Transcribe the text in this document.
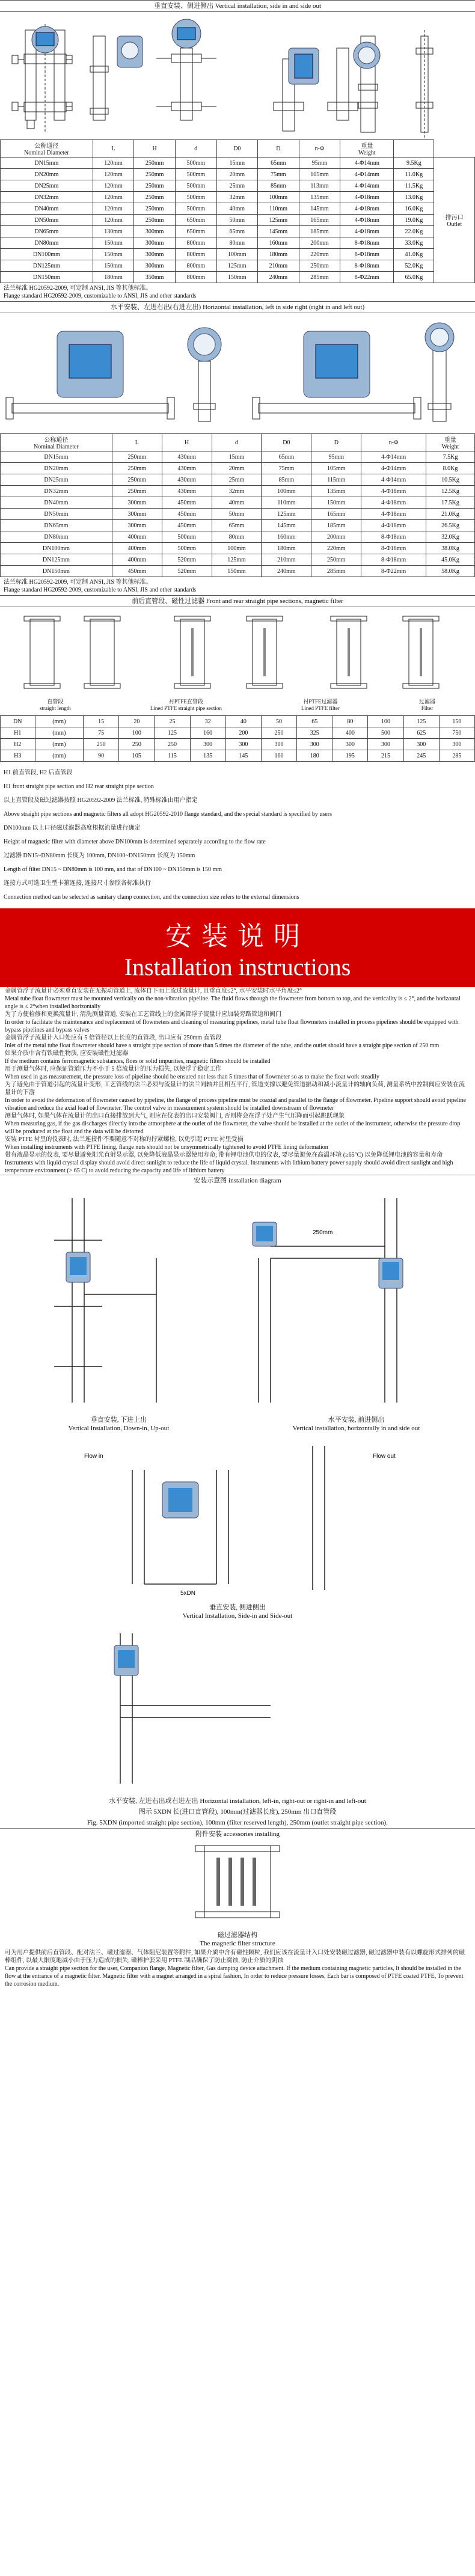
垂直安装、侧进侧出 Vertical installation, side in and side out
公称通径
Nominal Diameter	L	H	d	D0	D	n-Φ	重量
Weight		
DN15mm	120mm	250mm	500mm	15mm	65mm	95mm	4-Φ14mm	9.5Kg	排污口
Outlet
DN20mm	120mm	250mm	500mm	20mm	75mm	105mm	4-Φ14mm	11.0Kg	
DN25mm	120mm	250mm	500mm	25mm	85mm	113mm	4-Φ14mm	11.5Kg	
DN32mm	120mm	250mm	500mm	32mm	100mm	135mm	4-Φ18mm	13.0Kg	
DN40mm	120mm	250mm	500mm	40mm	110mm	145mm	4-Φ18mm	16.0Kg	
DN50mm	120mm	250mm	650mm	50mm	125mm	165mm	4-Φ18mm	19.0Kg	
DN65mm	130mm	300mm	650mm	65mm	145mm	185mm	4-Φ18mm	22.0Kg	
DN80mm	150mm	300mm	800mm	80mm	160mm	200mm	8-Φ18mm	33.0Kg	
DN100mm	150mm	300mm	800mm	100mm	180mm	220mm	8-Φ18mm	41.0Kg	
DN125mm	150mm	300mm	800mm	125mm	210mm	250mm	8-Φ18mm	52.0Kg	
DN150mm	180mm	350mm	800mm	150mm	240mm	285mm	8-Φ22mm	65.0Kg	
法兰标准 HG20592-2009, 可定制 ANSI, JIS 等其他标准。
Flange standard HG20592-2009, customizable to ANSI, JIS and other standards
水平安装、左进右出(右进左出) Horizontal installation, left in side right (right in and left out)
公称通径
Nominal Diameter	L	H	d	D0	D	n-Φ	重量
Weight
DN15mm	250mm	430mm	15mm	65mm	95mm	4-Φ14mm	7.5Kg
DN20mm	250mm	430mm	20mm	75mm	105mm	4-Φ14mm	8.0Kg
DN25mm	250mm	430mm	25mm	85mm	115mm	4-Φ14mm	10.5Kg
DN32mm	250mm	430mm	32mm	100mm	135mm	4-Φ18mm	12.5Kg
DN40mm	300mm	450mm	40mm	110mm	150mm	4-Φ18mm	17.5Kg
DN50mm	300mm	450mm	50mm	125mm	165mm	4-Φ18mm	21.0Kg
DN65mm	300mm	450mm	65mm	145mm	185mm	4-Φ18mm	26.5Kg
DN80mm	400mm	500mm	80mm	160mm	200mm	8-Φ18mm	32.0Kg
DN100mm	400mm	500mm	100mm	180mm	220mm	8-Φ18mm	38.0Kg
DN125mm	400mm	520mm	125mm	210mm	250mm	8-Φ18mm	45.0Kg
DN150mm	450mm	520mm	150mm	240mm	285mm	8-Φ22mm	58.0Kg
法兰标准 HG20592-2009, 可定制 ANSI, JIS 等其他标准。
Flange standard HG20592-2009, customizable to ANSI, JIS and other standards
前后直管段、磁性过滤器 Front and rear straight pipe sections, magnetic filter
直管段
straight length
衬PTFE直管段
Lined PTFE straight pipe section
衬PTFE过滤器
Lined PTFE filter
过滤器
Filter
DN	(mm)	15	20	25	32	40	50	65	80	100	125	150
H1	(mm)	75	100	125	160	200	250	325	400	500	625	750
H2	(mm)	250	250	250	300	300	300	300	300	300	300	300
H3	(mm)	90	105	115	135	145	160	180	195	215	245	285

H1 前直管段, H2 后直管段

H1 front straight pipe section and H2 rear straight pipe section

以上直管段及磁过滤器按照 HG20592-2009 法兰标准, 特殊标准由用户指定

Above straight pipe sections and magnetic filters all adopt HG20592-2010 flange standard, and the special standard is specified by users

DN100mm 以上口径磁过滤器高度根据流量进行确定

Height of magnetic filter with diameter above DN100mm is determined separately according to the flow rate

过滤器 DN15~DN80mm 长度为 100mm, DN100~DN150mm 长度为 150mm

Length of filter DN15 ~ DN80mm is 100 mm, and that of DN100 ~ DN150mm is 150 mm

连接方式可选卫生型卡箍连接, 连接尺寸参照各标准执行

Connection method can be selected as sanitary clamp connection, and the connection size refers to the external dimensions

安装说明
Installation instructions

金属管浮子流量计必须垂直安装在无振动管道上, 流体自下而上流过流量计, 且垂直度≤2°, 水平安装时水平角度≤2°

Metal tube float flowmeter must be mounted vertically on the non-vibration pipeline. The fluid flows through the flowmeter from bottom to top, and the verticality is ≤ 2°, and the horizontal angle is ≤ 2°when installed horizontally

为了方便检修和更换流量计, 清洗测量管道, 安装在工艺管线上的金属管浮子流量计应加装旁路管道和阀门

In order to facilitate the maintenance and replacement of flowmeters and cleaning of measuring pipelines, metal tube float flowmeters installed in process pipelines should be equipped with bypass pipelines and bypass valves

金属管浮子流量计入口处应有 5 倍管径以上长度的直管段, 出口应有 250mm 直管段

Inlet of the metal tube float flowmeter should have a straight pipe section of more than 5 times the diameter of the tube, and the outlet should have a straight pipe section of 250 mm

如果介质中含有铁磁性物质, 应安装磁性过滤器

If the medium contains ferromagnetic substances, floes or solid impurities, magnetic filters should be installed

用于测量气体时, 应保证管道压力不小于 5 倍流量计的压力损失, 以使浮子稳定工作

When used in gas measurement, the pressure loss of pipeline should be ensured not less than 5 times that of flowmeter so as to make the float work steadily

为了避免由于管道引起的流量计变形, 工艺管线的法兰必须与流量计的法兰同轴并且相互平行, 管道支撑以避免管道振动和减小流量计的轴向负荷, 测量系统中控制阀应安装在流量计的下游

In order to avoid the deformation of flowmeter caused by pipeline, the flange of process pipeline must be coaxial and parallel to the flange of flowmeter. Pipeline support should avoid pipeline vibration and reduce the axial load of flowmeter. The control valve in measurement system should be installed downstream of flowmeter

测量气体时, 如果气体在流量计的出口直接排放到大气, 则应在仪表的出口安装阀门, 否则将会在浮子处产生气压降而引起跳跃现象

When measuring gas, if the gas discharges directly into the atmosphere at the outlet of the flowmeter, the valve should be installed at the outlet of the instrument, otherwise the pressure drop will be produced at the float and the data will be distorted

安装 PTFE 衬里的仪表时, 法兰连接件不要随意不对称的拧紧螺栓, 以免引起 PTFE 衬里受损

When installing instruments with PTFE lining, flange nuts should not be unsymmetrically tightened to avoid PTFE lining deformation

带有液晶显示的仪表, 要尽量避免阳光直射显示器, 以免降低液晶显示器使用寿命; 带有锂电池供电的仪表, 要尽量避免在高温环境 (≥65°C) 以免降低锂电池的容量和寿命

Instruments with liquid crystal display should avoid direct sunlight to reduce the life of liquid crystal. Instruments with lithium battery power supply should avoid direct sunlight and high temperature environment (> 65 C) to avoid reducing the capacity and life of lithium battery

安装示意图 installation diagram
250mm
垂直安装, 下进上出
Vertical Installation, Down-in, Up-out
水平安装, 前进侧出
Vertical installation, horizontally in and side out
Flow in	Flow out
5xDN
垂直安装, 侧进侧出
Vertical Installation, Side-in and Side-out
水平安装, 左进右出或右进左出 Horizontal installation, left-in, right-out or right-in and left-out
图示 5XDN 长(进口直管段), 100mm(过滤器长度), 250mm 出口直管段
Fig. 5XDN (imported straight pipe section), 100mm (filter reserved length), 250mm (outlet straight pipe section).
附件安装 accessories installing
磁过滤器结构
The magnetic filter structure

可为用户提供前后直管段、配对法兰、磁过滤器、气体阻尼装置等附件, 如果介质中含有磁性颗粒, 我们应该在流量计入口处安装磁过滤器, 磁过滤器中装有以螺旋形式排列的磁棒组件, 以最大限度地减小由于压力造成的损失, 磁棒护套采用 PTFE 制品确保了防止腐蚀, 防止介质的阴蚀

Can provide a straight pipe section for the user, Companion flange, Magnetic filter, Gas damping device attachment. If the medium containing magnetic particles, It should be installed in the flow at the entrance of a magnetic filter. Magnetic filter with a magnet arranged in a spiral fashion, In order to reduce pressure losses, Each bar is composed of PTFE coated PTFE, To prevent the corrosion medium.
